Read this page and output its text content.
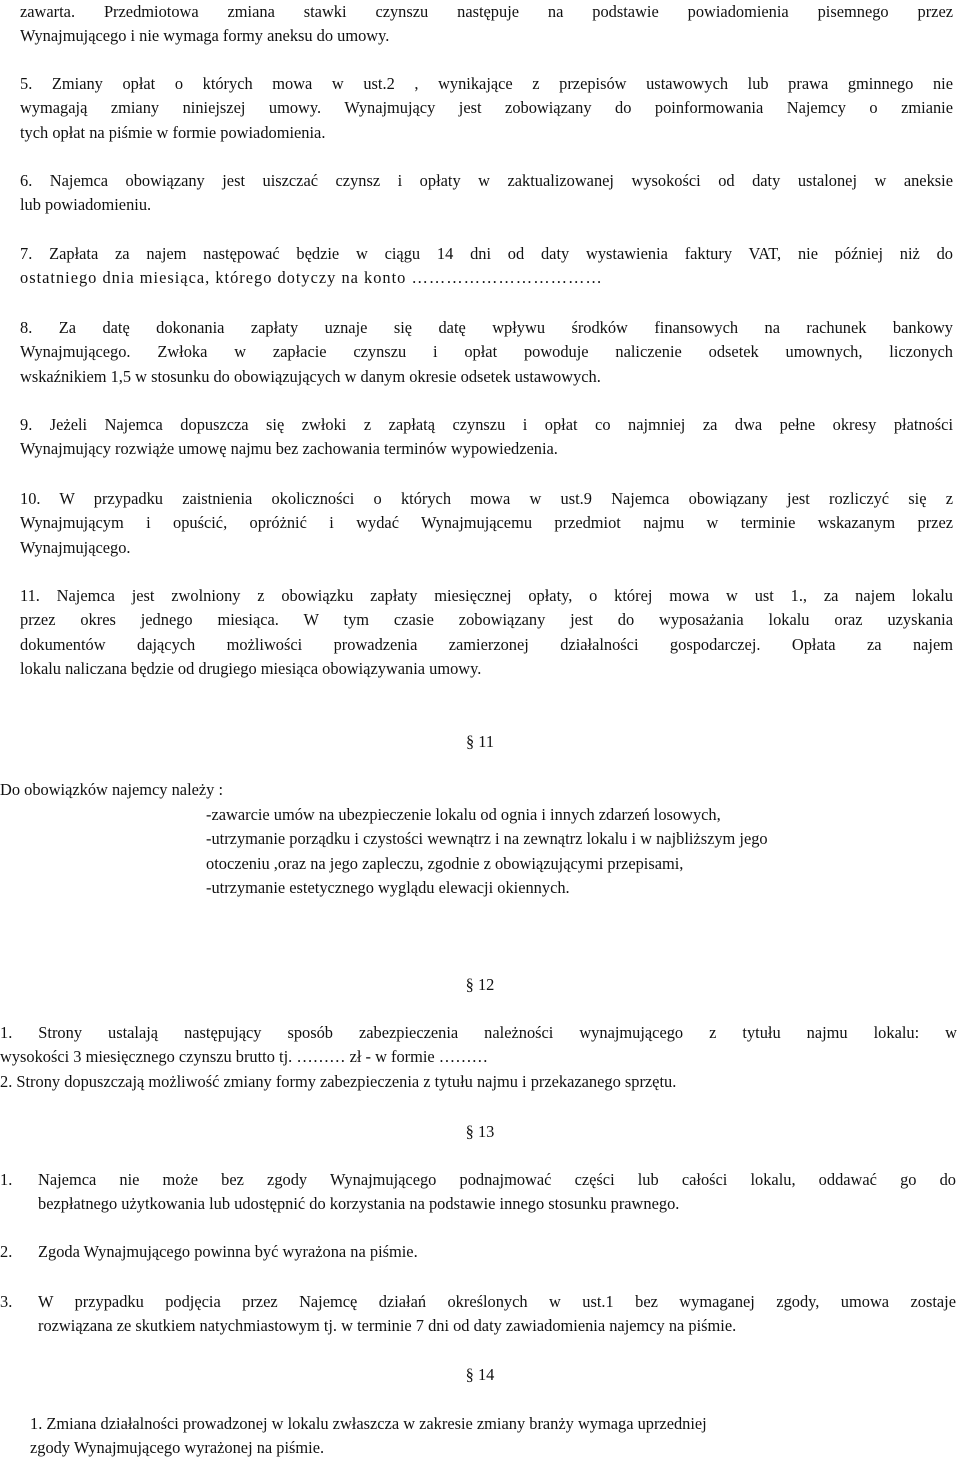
zawarta. Przedmiotowa zmiana stawki czynszu następuje na podstawie powiadomienia pisemnego przez
Wynajmującego i nie wymaga formy aneksu do umowy.
5. Zmiany opłat o których mowa w ust.2 , wynikające z przepisów ustawowych lub prawa gminnego nie
wymagają zmiany niniejszej umowy. Wynajmujący jest zobowiązany do poinformowania Najemcy o zmianie
tych opłat na piśmie w formie powiadomienia.
6. Najemca obowiązany jest uiszczać czynsz i opłaty w zaktualizowanej wysokości od daty ustalonej w aneksie
lub powiadomieniu.
7. Zapłata za najem następować będzie w ciągu 14 dni od daty wystawienia faktury VAT, nie później niż do
ostatniego dnia miesiąca, którego dotyczy na konto ……………………………
8. Za datę dokonania zapłaty uznaje się datę wpływu środków finansowych na rachunek bankowy
Wynajmującego. Zwłoka w zapłacie czynszu i opłat powoduje naliczenie odsetek umownych, liczonych
wskaźnikiem 1,5 w stosunku do obowiązujących w danym okresie odsetek ustawowych.
9. Jeżeli Najemca dopuszcza się zwłoki z zapłatą czynszu i opłat co najmniej za dwa pełne okresy płatności
Wynajmujący rozwiąże umowę najmu bez zachowania terminów wypowiedzenia.
10. W przypadku zaistnienia okoliczności o których mowa w ust.9 Najemca obowiązany jest rozliczyć się z
Wynajmującym i opuścić, opróżnić i wydać Wynajmującemu przedmiot najmu w terminie wskazanym przez
Wynajmującego.
11. Najemca jest zwolniony z obowiązku zapłaty miesięcznej opłaty, o której mowa w ust 1., za najem lokalu
przez okres jednego miesiąca. W tym czasie zobowiązany jest do wyposażania lokalu oraz uzyskania
dokumentów dających możliwości prowadzenia zamierzonej działalności gospodarczej. Opłata za najem
lokalu naliczana będzie od drugiego miesiąca obowiązywania umowy.
§ 11
Do obowiązków najemcy należy :
-zawarcie umów na ubezpieczenie lokalu od ognia i innych zdarzeń losowych,
-utrzymanie porządku i czystości wewnątrz i na zewnątrz lokalu i w najbliższym jego
otoczeniu ,oraz na jego zapleczu, zgodnie z obowiązującymi przepisami,
-utrzymanie estetycznego wyglądu elewacji okiennych.
§ 12
1. Strony ustalają następujący sposób zabezpieczenia należności wynajmującego z tytułu najmu lokalu: w
wysokości 3 miesięcznego czynszu brutto tj. ……… zł - w formie ………
2. Strony dopuszczają możliwość zmiany formy zabezpieczenia z tytułu najmu i przekazanego sprzętu.
§ 13
1.	Najemca nie może bez zgody Wynajmującego podnajmować części lub całości lokalu, oddawać go do
bezpłatnego użytkowania lub udostępnić do korzystania na podstawie innego stosunku prawnego.
2.	Zgoda Wynajmującego powinna być wyrażona na piśmie.
3.	W przypadku podjęcia przez Najemcę działań określonych w ust.1 bez wymaganej zgody, umowa zostaje
rozwiązana ze skutkiem natychmiastowym tj. w terminie 7 dni od daty zawiadomienia najemcy na piśmie.
§ 14
1. Zmiana działalności prowadzonej w lokalu zwłaszcza w zakresie zmiany branży wymaga uprzedniej
zgody Wynajmującego wyrażonej na piśmie.
